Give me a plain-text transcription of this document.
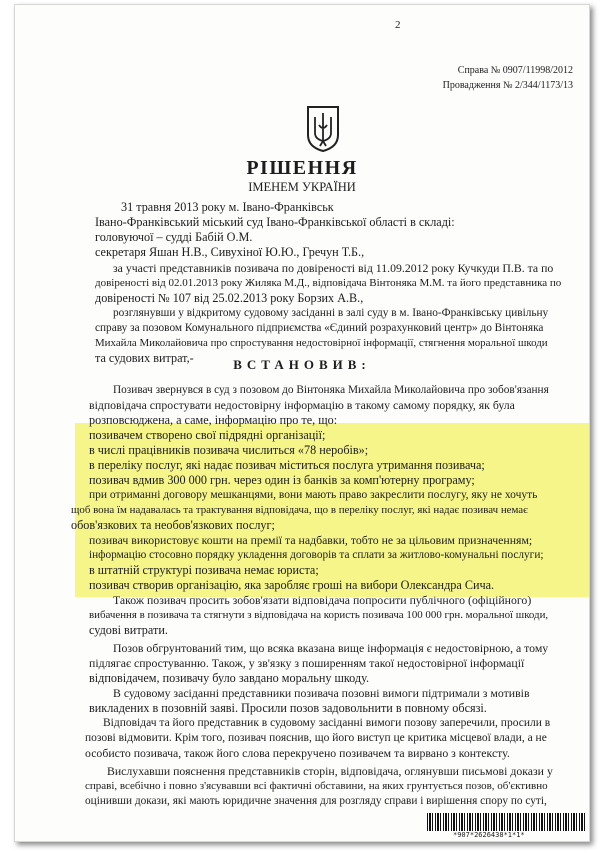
2
Справа № 0907/11998/2012
Провадження № 2/344/1173/13
РІШЕННЯ
ІМЕНЕМ УКРАЇНИ
31 травня 2013 року м. Івано-Франківськ
Івано-Франківський міський суд Івано-Франківської області в складі:
головуючої – судді Бабій О.М.
секретаря Яшан Н.В., Сивухіної Ю.Ю., Гречун Т.Б.,
за участі представників позивача по довіреності від 11.09.2012 року Кучкуди П.В. та по
довіреності від 02.01.2013 року Жиляка М.Д., відповідача Вінтоняка М.М. та його представника по
довіреності № 107 від 25.02.2013 року Борзих А.В.,
розглянувши у відкритому судовому засіданні в залі суду в м. Івано-Франківську цивільну
справу за позовом Комунального підприємства «Єдиний розрахунковий центр» до Вінтоняка
Михайла Миколайовича про спростування недостовірної інформації, стягнення моральної шкоди
та судових витрат,-	ВСТАНОВИВ:
Позивач звернувся в суд з позовом до Вінтоняка Михайла Миколайовича про зобов'язання
відповідача спростувати недостовірну інформацію в такому самому порядку, як була
розповсюджена, а саме, інформацію про те, що:
позивачем створено свої підрядні організації;
в числі працівників позивача числиться «78 неробів»;
в переліку послуг, які надає позивач міститься послуга утримання позивача;
позивач вдмив 300 000 грн. через один із банків за комп'ютерну програму;
при отриманні договору мешканцями, вони мають право закреслити послугу, яку не хочуть
щоб вона їм надавалась та трактування відповідача, що в переліку послуг, які надає позивач немає
обов'язкових та необов'язкових послуг;
позивач використовує кошти на премії та надбавки, тобто не за цільовим призначенням;
інформацію стосовно порядку укладення договорів та сплати за житлово-комунальні послуги;
в штатній структурі позивача немає юриста;
позивач створив організацію, яка заробляє гроші на вибори Олександра Сича.
Також позивач просить зобов'язати відповідача попросити публічного (офіційного)
вибачення в позивача та стягнути з відповідача на користь позивача 100 000 грн. моральної шкоди,
судові витрати.
Позов обгрунтований тим, що всяка вказана вище інформація є недостовірною, а тому
підлягає спростуванню. Також, у зв'язку з поширенням такої недостовірної інформації
відповідачем, позивачу було завдано моральну шкоду.
В судовому засіданні представники позивача позовні вимоги підтримали з мотивів
викладених в позовній заяві. Просили позов задовольнити в повному обсязі.
Відповідач та його представник в судовому засіданні вимоги позову заперечили, просили в
позові відмовити. Крім того, позивач пояснив, що його виступ це критика місцевої влади, а не
особисто позивача, також його слова перекручено позивачем та вирвано з контексту.
Вислухавши пояснення представників сторін, відповідача, оглянувши письмові докази у
справі, всебічно і повно з'ясувавши всі фактичні обставини, на яких грунтується позов, об'єктивно
оцінивши докази, які мають юридичне значення для розгляду справи і вирішення спору по суті,
*907*2626438*1*1*
